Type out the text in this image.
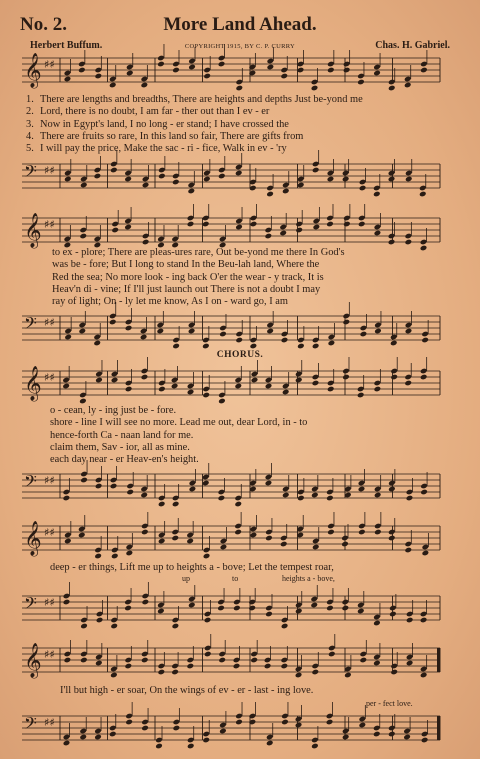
No. 2.	More Land Ahead.
Herbert Buffum.	COPYRIGHT 1915, BY C. P. CURRY	Chas. H. Gabriel.
𝄞 ♯♯
1. There are lengths and breadths, There are heights and depths Just be-yond me
2. Lord, there is no doubt, I am far - ther out than I ev - er
3. Now in Egypt's land, I no long - er stand; I have crossed the
4. There are fruits so rare, In this land so fair, There are gifts from
5. I will pay the price, Make the sac - ri - fice, Walk in ev - 'ry
𝄢 ♯♯
𝄞 ♯♯
to ex - plore; There are pleas-ures rare, Out be-yond me there In God's
was be - fore; But I long to stand In the Beu-lah land, Where the
Red the sea; No more look - ing back O'er the wear - y track, It is
Heav'n di - vine; If I'll just launch out There is not a doubt I may
ray of light; On - ly let me know, As I on - ward go, I am
𝄢 ♯♯
CHORUS.
𝄞 ♯♯
o - cean, ly - ing just be - fore.
shore - line I will see no more. Lead me out, dear Lord, in - to
hence-forth Ca - naan land for me.
claim them, Sav - ior, all as mine.
each day near - er Heav-en's height.
𝄢 ♯♯
𝄞 ♯♯
deep - er things, Lift me up to heights a - bove; Let the tempest roar,
up	to	heights a - bove,
𝄢 ♯♯
𝄞 ♯♯
I'll but high - er soar, On the wings of ev - er - last - ing love.
per - fect love.
𝄢 ♯♯
